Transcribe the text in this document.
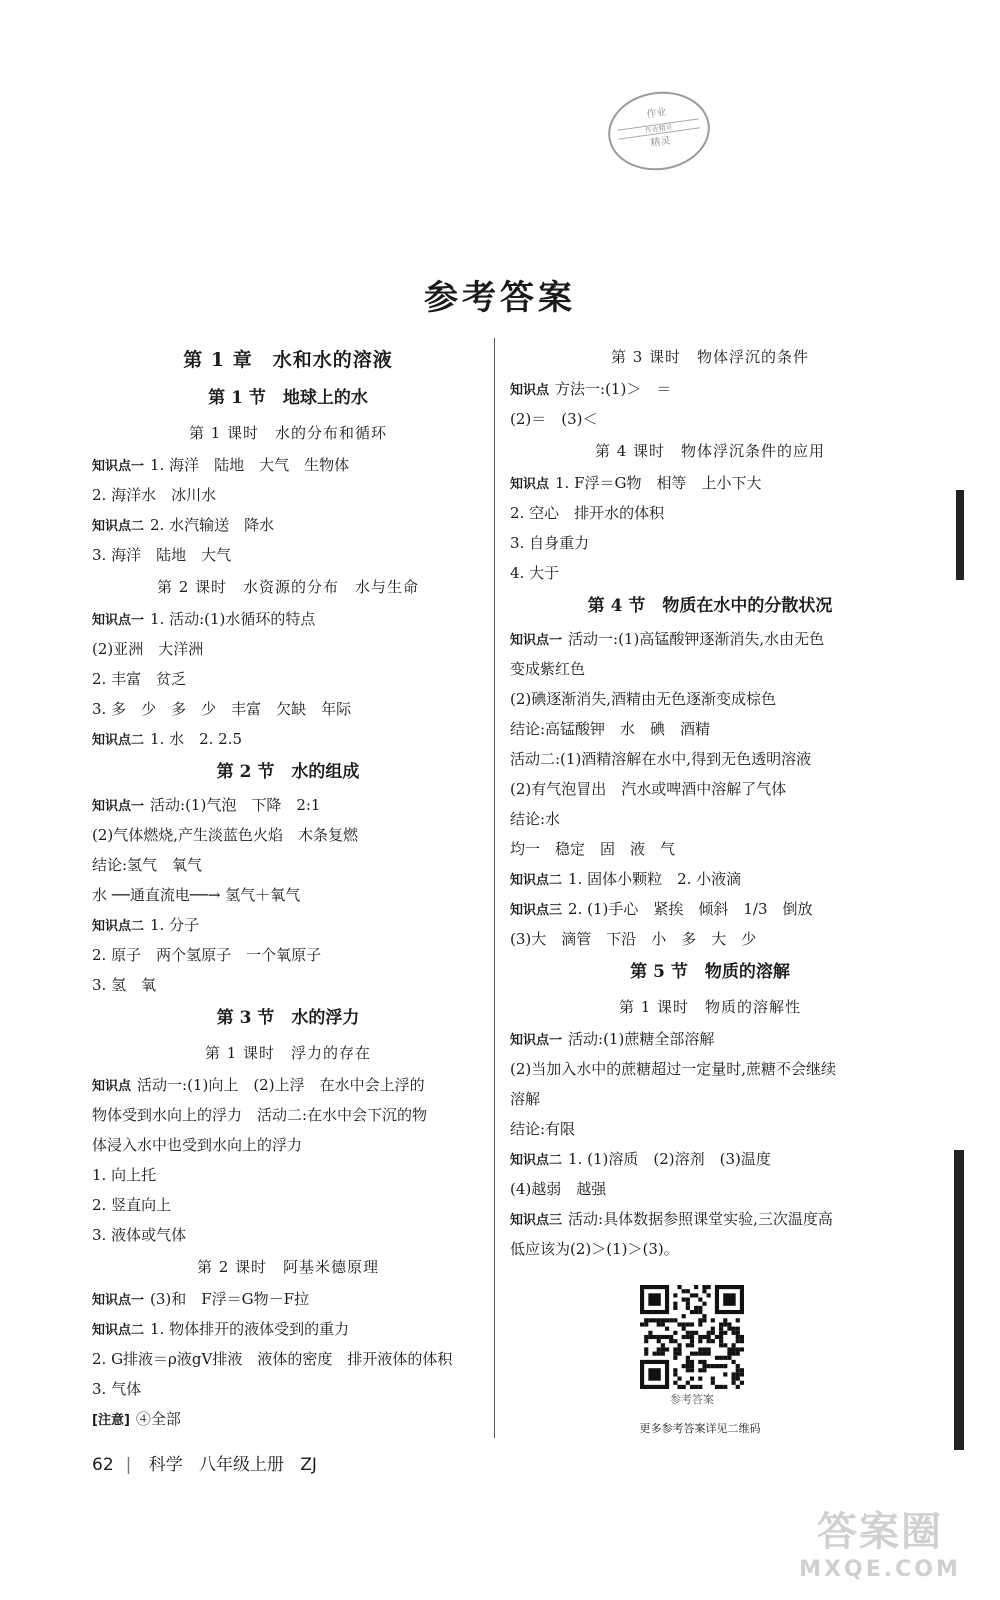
作业
作业精灵
精灵
参考答案
第 1 章　水和水的溶液
第 1 节　地球上的水
第 1 课时　水的分布和循环
知识点一 1. 海洋　陆地　大气　生物体
2. 海洋水　冰川水
知识点二 2. 水汽输送　降水
3. 海洋　陆地　大气
第 2 课时　水资源的分布　水与生命
知识点一 1. 活动:(1)水循环的特点
(2)亚洲　大洋洲
2. 丰富　贫乏
3. 多　少　多　少　丰富　欠缺　年际
知识点二 1. 水　2. 2.5
第 2 节　水的组成
知识点一 活动:(1)气泡　下降　2:1
(2)气体燃烧,产生淡蓝色火焰　木条复燃
结论:氢气　氧气
水 ──通直流电──→ 氢气＋氧气
知识点二 1. 分子
2. 原子　两个氢原子　一个氧原子
3. 氢　氧
第 3 节　水的浮力
第 1 课时　浮力的存在
知识点 活动一:(1)向上　(2)上浮　在水中会上浮的
物体受到水向上的浮力　活动二:在水中会下沉的物
体浸入水中也受到水向上的浮力
1. 向上托
2. 竖直向上
3. 液体或气体
第 2 课时　阿基米德原理
知识点一 (3)和　F浮＝G物－F拉
知识点二 1. 物体排开的液体受到的重力
2. G排液＝ρ液gV排液　液体的密度　排开液体的体积
3. 气体
[注意] ④全部
第 3 课时　物体浮沉的条件
知识点 方法一:(1)＞　＝
(2)＝　(3)＜
第 4 课时　物体浮沉条件的应用
知识点 1. F浮＝G物　相等　上小下大
2. 空心　排开水的体积
3. 自身重力
4. 大于
第 4 节　物质在水中的分散状况
知识点一 活动一:(1)高锰酸钾逐渐消失,水由无色
变成紫红色
(2)碘逐渐消失,酒精由无色逐渐变成棕色
结论:高锰酸钾　水　碘　酒精
活动二:(1)酒精溶解在水中,得到无色透明溶液
(2)有气泡冒出　汽水或啤酒中溶解了气体
结论:水
均一　稳定　固　液　气
知识点二 1. 固体小颗粒　2. 小液滴
知识点三 2. (1)手心　紧挨　倾斜　1/3　倒放
(3)大　滴管　下沿　小　多　大　少
第 5 节　物质的溶解
第 1 课时　物质的溶解性
知识点一 活动:(1)蔗糖全部溶解
(2)当加入水中的蔗糖超过一定量时,蔗糖不会继续
溶解
结论:有限
知识点二 1. (1)溶质　(2)溶剂　(3)温度
(4)越弱　越强
知识点三 活动:具体数据参照课堂实验,三次温度高
低应该为(2)＞(1)＞(3)。
参考答案
更多参考答案详见二维码
62 | 科学 八年级上册 ZJ
答案圈
MXQE.COM
